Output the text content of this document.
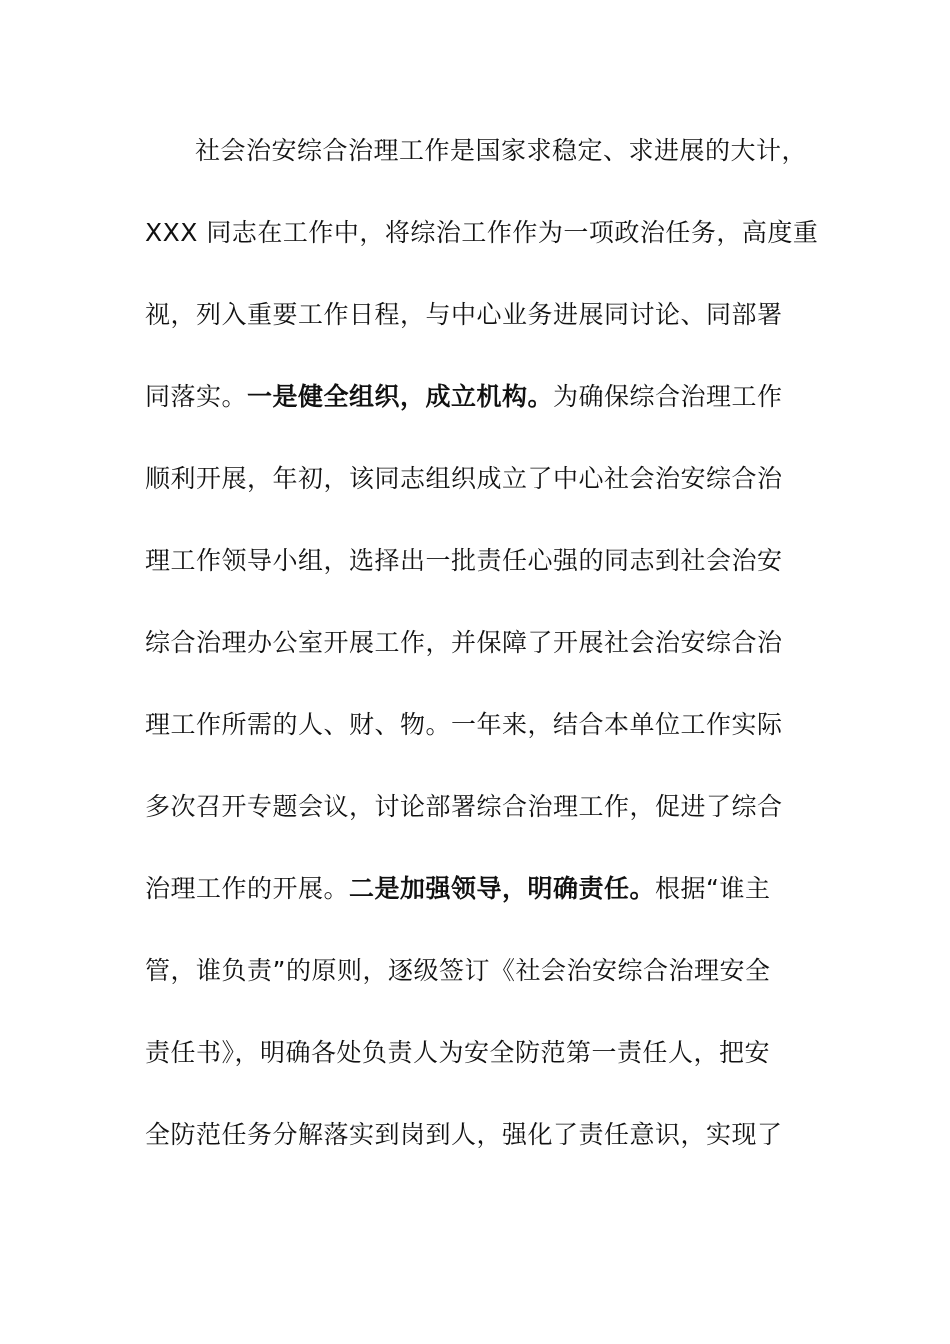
社会治安综合治理工作是国家求稳定、求进展的大计，
XXX 同志在工作中，将综治工作作为一项政治任务，高度重
视，列入重要工作日程，与中心业务进展同讨论、同部署
同落实。一是健全组织，成立机构。为确保综合治理工作
顺利开展，年初，该同志组织成立了中心社会治安综合治
理工作领导小组，选择出一批责任心强的同志到社会治安
综合治理办公室开展工作，并保障了开展社会治安综合治
理工作所需的人、财、物。一年来，结合本单位工作实际
多次召开专题会议，讨论部署综合治理工作，促进了综合
治理工作的开展。二是加强领导，明确责任。根据“谁主
管，谁负责”的原则，逐级签订《社会治安综合治理安全
责任书》，明确各处负责人为安全防范第一责任人，把安
全防范任务分解落实到岗到人，强化了责任意识，实现了
